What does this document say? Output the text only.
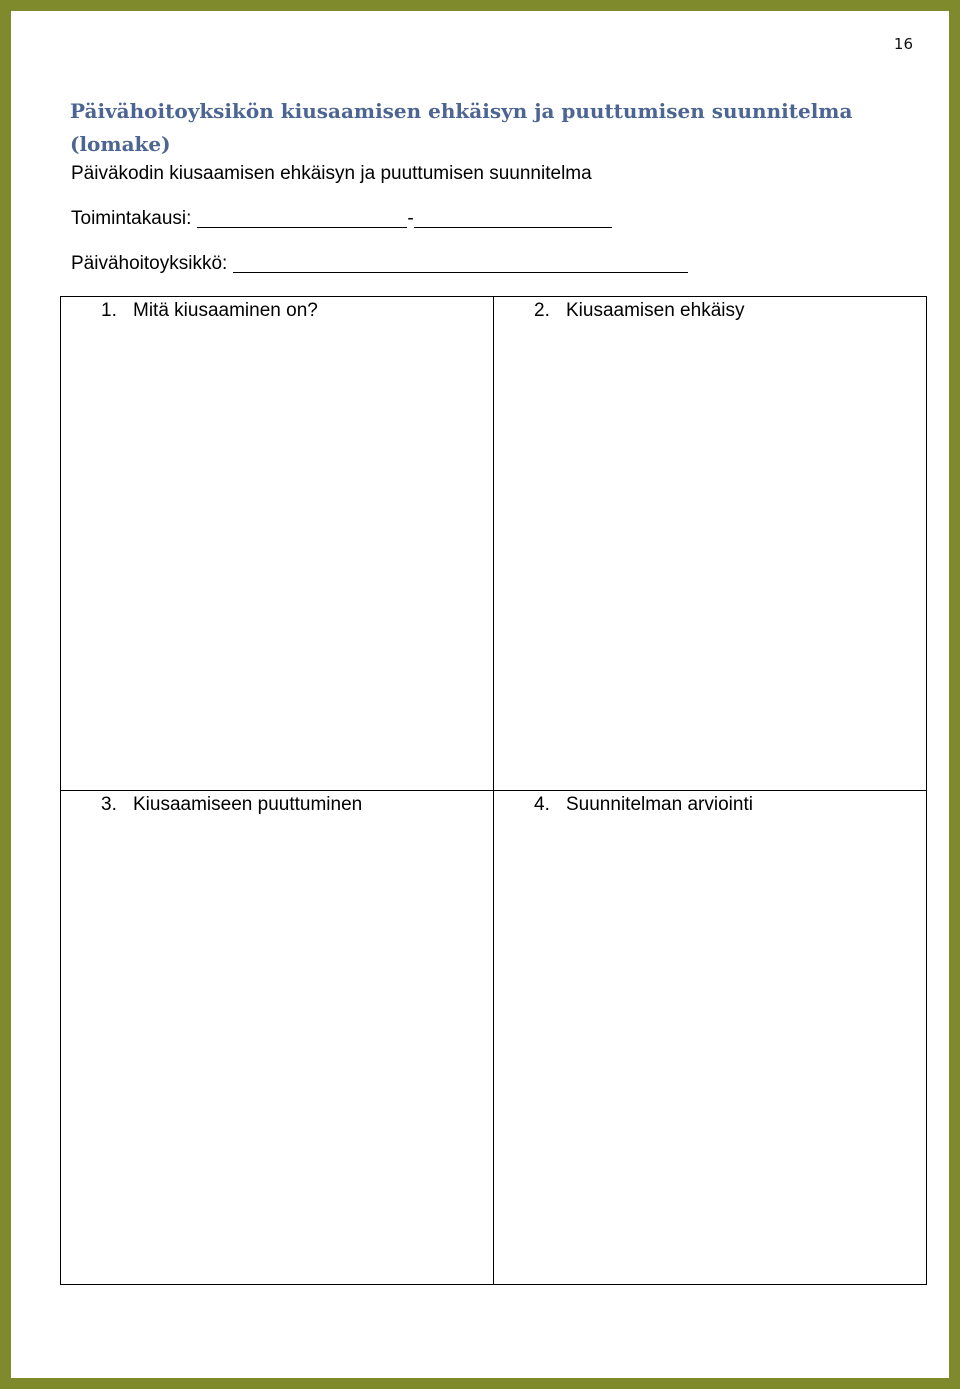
16
Päivähoitoyksikön kiusaamisen ehkäisyn ja puuttumisen suunnitelma (lomake)
Päiväkodin kiusaamisen ehkäisyn ja puuttumisen suunnitelma
Toimintakausi:	-
Päivähoitoyksikkö:
1. Mitä kiusaaminen on?	2. Kiusaamisen ehkäisy

3. Kiusaamiseen puuttuminen	4. Suunnitelman arviointi
